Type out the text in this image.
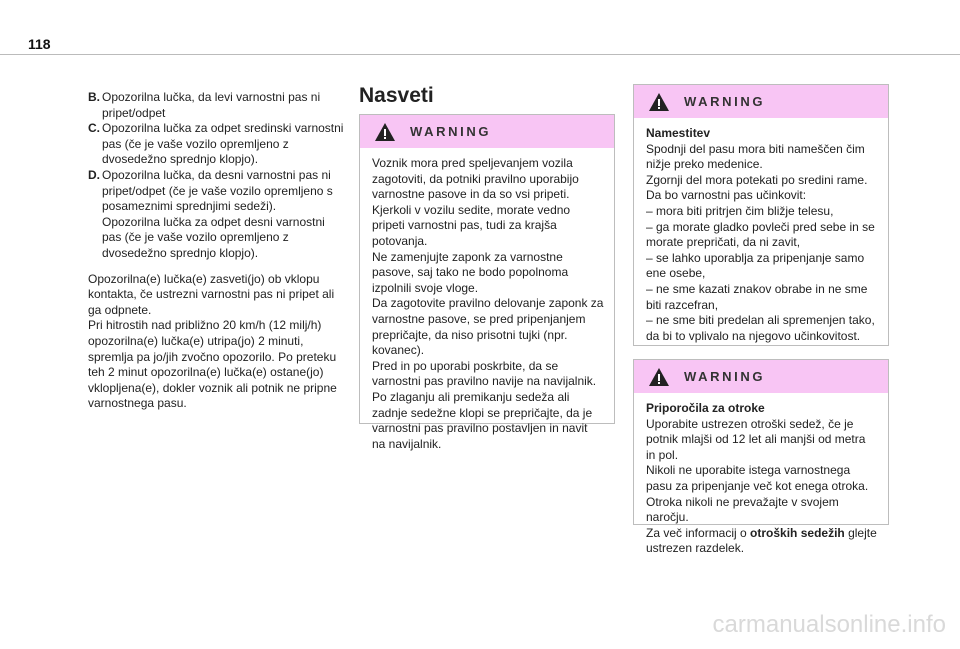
118
B. Opozorilna lučka, da levi varnostni pas ni pripet/odpet
C. Opozorilna lučka za odpet sredinski varnostni pas (če je vaše vozilo opremljeno z dvosedežno sprednjo klopjo).
D. Opozorilna lučka, da desni varnostni pas ni pripet/odpet (če je vaše vozilo opremljeno s posameznimi sprednjimi sedeži).
Opozorilna lučka za odpet desni varnostni pas (če je vaše vozilo opremljeno z dvosedežno sprednjo klopjo).
Opozorilna(e) lučka(e) zasveti(jo) ob vklopu kontakta, če ustrezni varnostni pas ni pripet ali ga odpnete.
Pri hitrostih nad približno 20 km/h (12 milj/h) opozorilna(e) lučka(e) utripa(jo) 2 minuti, spremlja pa jo/jih zvočno opozorilo. Po preteku teh 2 minut opozorilna(e) lučka(e) ostane(jo) vklopljena(e), dokler voznik ali potnik ne pripne varnostnega pasu.
Nasveti
WARNING
Voznik mora pred speljevanjem vozila zagotoviti, da potniki pravilno uporabijo varnostne pasove in da so vsi pripeti.
Kjerkoli v vozilu sedite, morate vedno pripeti varnostni pas, tudi za krajša potovanja.
Ne zamenjujte zaponk za varnostne pasove, saj tako ne bodo popolnoma izpolnili svoje vloge.
Da zagotovite pravilno delovanje zaponk za varnostne pasove, se pred pripenjanjem prepričajte, da niso prisotni tujki (npr. kovanec).
Pred in po uporabi poskrbite, da se varnostni pas pravilno navije na navijalnik.
Po zlaganju ali premikanju sedeža ali zadnje sedežne klopi se prepričajte, da je varnostni pas pravilno postavljen in navit na navijalnik.
WARNING
Namestitev
Spodnji del pasu mora biti nameščen čim nižje preko medenice.
Zgornji del mora potekati po sredini rame.
Da bo varnostni pas učinkovit:
– mora biti pritrjen čim bližje telesu,
– ga morate gladko povleči pred sebe in se morate prepričati, da ni zavit,
– se lahko uporablja za pripenjanje samo ene osebe,
– ne sme kazati znakov obrabe in ne sme biti razcefran,
– ne sme biti predelan ali spremenjen tako, da bi to vplivalo na njegovo učinkovitost.
WARNING
Priporočila za otroke
Uporabite ustrezen otroški sedež, če je potnik mlajši od 12 let ali manjši od metra in pol.
Nikoli ne uporabite istega varnostnega pasu za pripenjanje več kot enega otroka.
Otroka nikoli ne prevažajte v svojem naročju.
Za več informacij o otroških sedežih glejte ustrezen razdelek.
carmanualsonline.info
